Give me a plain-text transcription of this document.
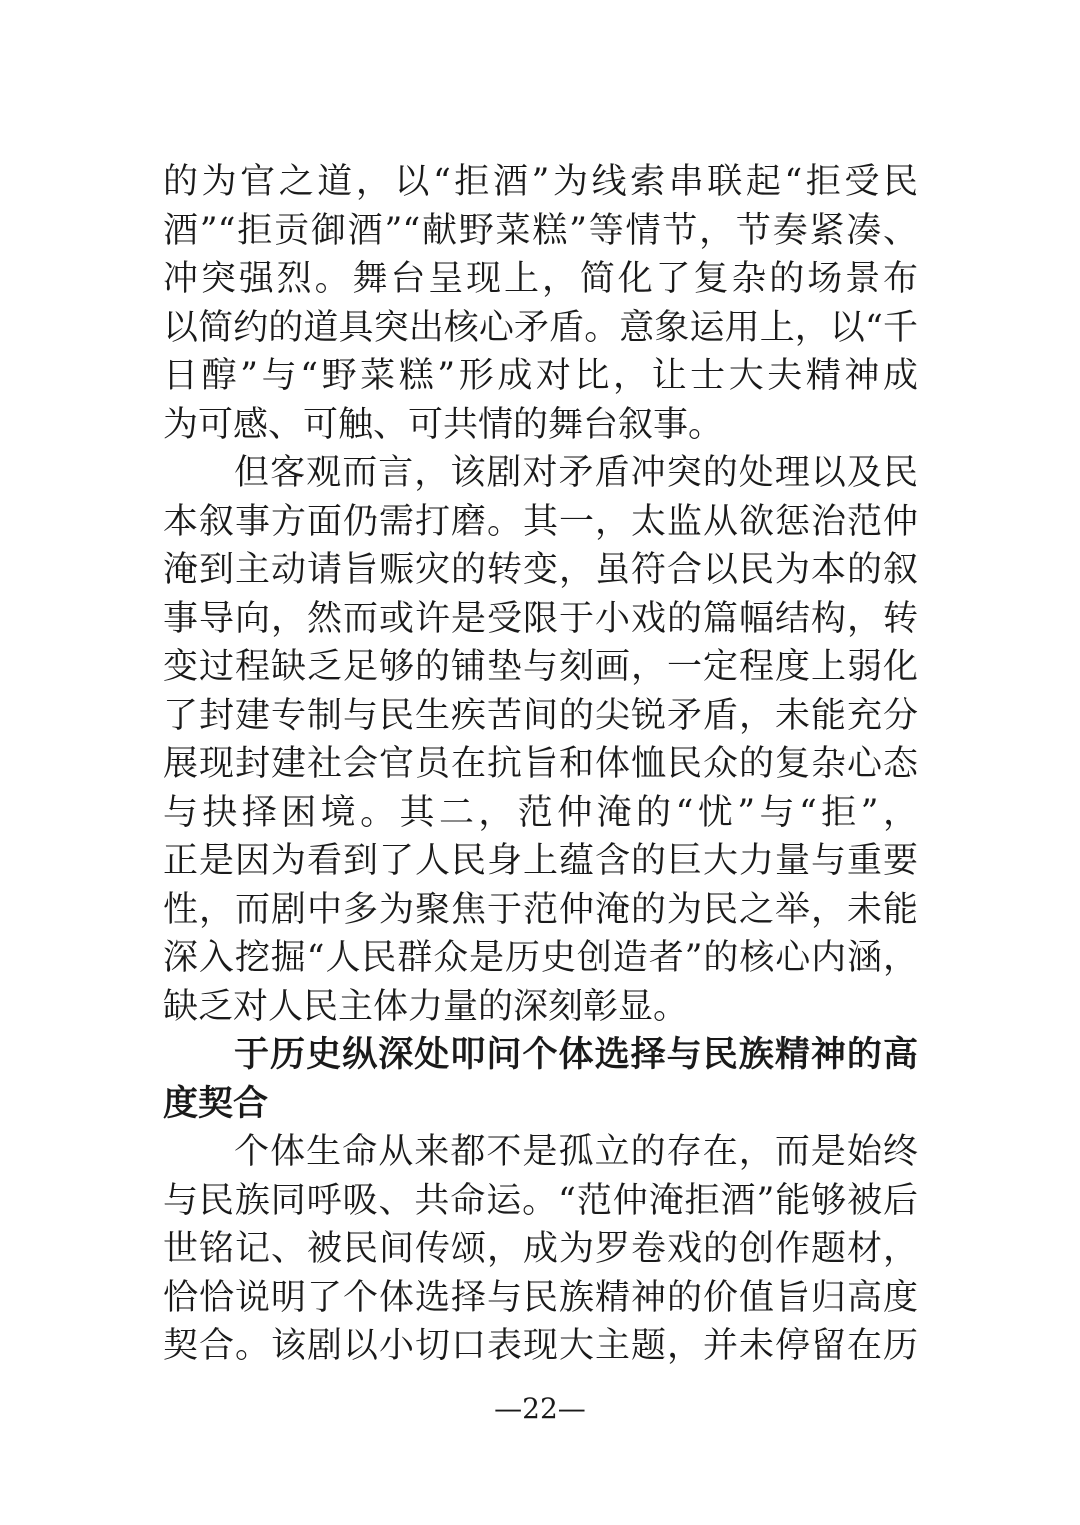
的为官之道，以“拒酒”为线索串联起“拒受民
酒”“拒贡御酒”“献野菜糕”等情节，节奏紧凑、
冲突强烈。舞台呈现上，简化了复杂的场景布
以简约的道具突出核心矛盾。意象运用上，以“千
日醇”与“野菜糕”形成对比，让士大夫精神成
为可感、可触、可共情的舞台叙事。
但客观而言，该剧对矛盾冲突的处理以及民
本叙事方面仍需打磨。其一，太监从欲惩治范仲
淹到主动请旨赈灾的转变，虽符合以民为本的叙
事导向，然而或许是受限于小戏的篇幅结构，转
变过程缺乏足够的铺垫与刻画，一定程度上弱化
了封建专制与民生疾苦间的尖锐矛盾，未能充分
展现封建社会官员在抗旨和体恤民众的复杂心态
与抉择困境。其二，范仲淹的“忧”与“拒”，
正是因为看到了人民身上蕴含的巨大力量与重要
性，而剧中多为聚焦于范仲淹的为民之举，未能
深入挖掘“人民群众是历史创造者”的核心内涵，
缺乏对人民主体力量的深刻彰显。
于历史纵深处叩问个体选择与民族精神的高
度契合
个体生命从来都不是孤立的存在，而是始终
与民族同呼吸、共命运。“范仲淹拒酒”能够被后
世铭记、被民间传颂，成为罗卷戏的创作题材，
恰恰说明了个体选择与民族精神的价值旨归高度
契合。该剧以小切口表现大主题，并未停留在历
—22—
